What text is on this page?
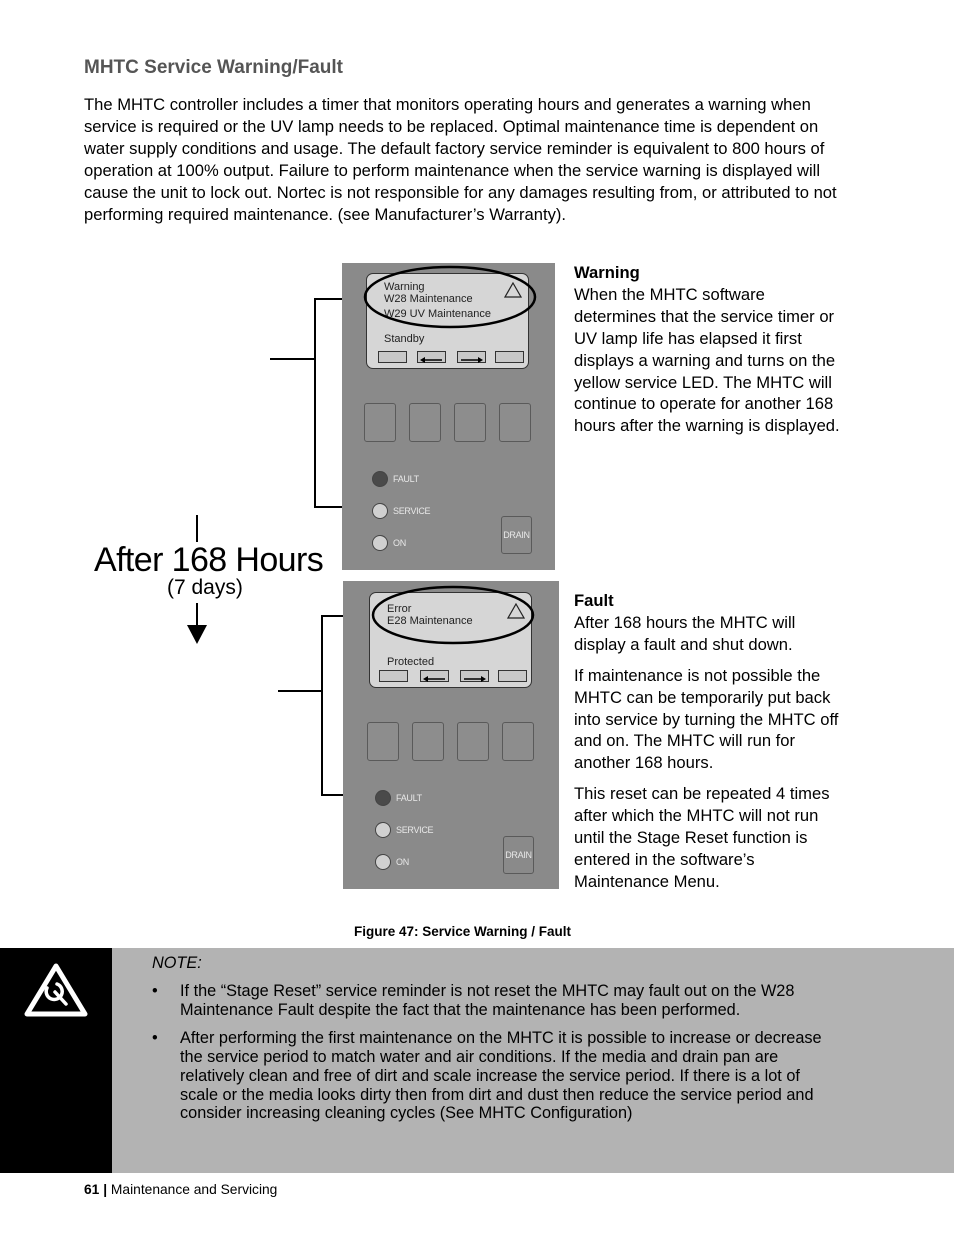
MHTC Service Warning/Fault

The MHTC controller includes a timer that monitors operating hours and generates a warning when service is required or the UV lamp needs to be replaced. Optimal maintenance time is dependent on water supply conditions and usage. The default factory service reminder is equivalent to 800 hours of operation at 100% output. Failure to perform maintenance when the service warning is displayed will cause the unit to lock out. Nortec is not responsible for any damages resulting from, or attributed to not performing required maintenance. (see Manufacturer’s Warranty).

Warning
W28 Maintenance
W29 UV Maintenance
Standby
FAULT
SERVICE
ON
DRAIN
Warning
When the MHTC software determines that the service timer or UV lamp life has elapsed it first displays a warning and turns on the yellow service LED. The MHTC will continue to operate for another 168 hours after the warning is displayed.
After 168 Hours
(7 days)
Error
E28 Maintenance
Protected
FAULT
SERVICE
ON
DRAIN
Fault

After 168 hours the MHTC will display a fault and shut down.

If maintenance is not possible the MHTC can be temporarily put back into service by turning the MHTC off and on. The MHTC will run for another 168 hours.

This reset can be repeated 4 times after which the MHTC will not run until the Stage Reset function is entered in the software’s Maintenance Menu.

Figure 47: Service Warning / Fault
NOTE:
• If the “Stage Reset” service reminder is not reset the MHTC may fault out on the W28 Maintenance Fault despite the fact that the maintenance has been performed.
• After performing the first maintenance on the MHTC it is possible to increase or decrease the service period to match water and air conditions. If the media and drain pan are relatively clean and free of dirt and scale increase the service period. If there is a lot of scale or the media looks dirty then from dirt and dust then reduce the service period and consider increasing cleaning cycles (See MHTC Configuration)
61 | Maintenance and Servicing
